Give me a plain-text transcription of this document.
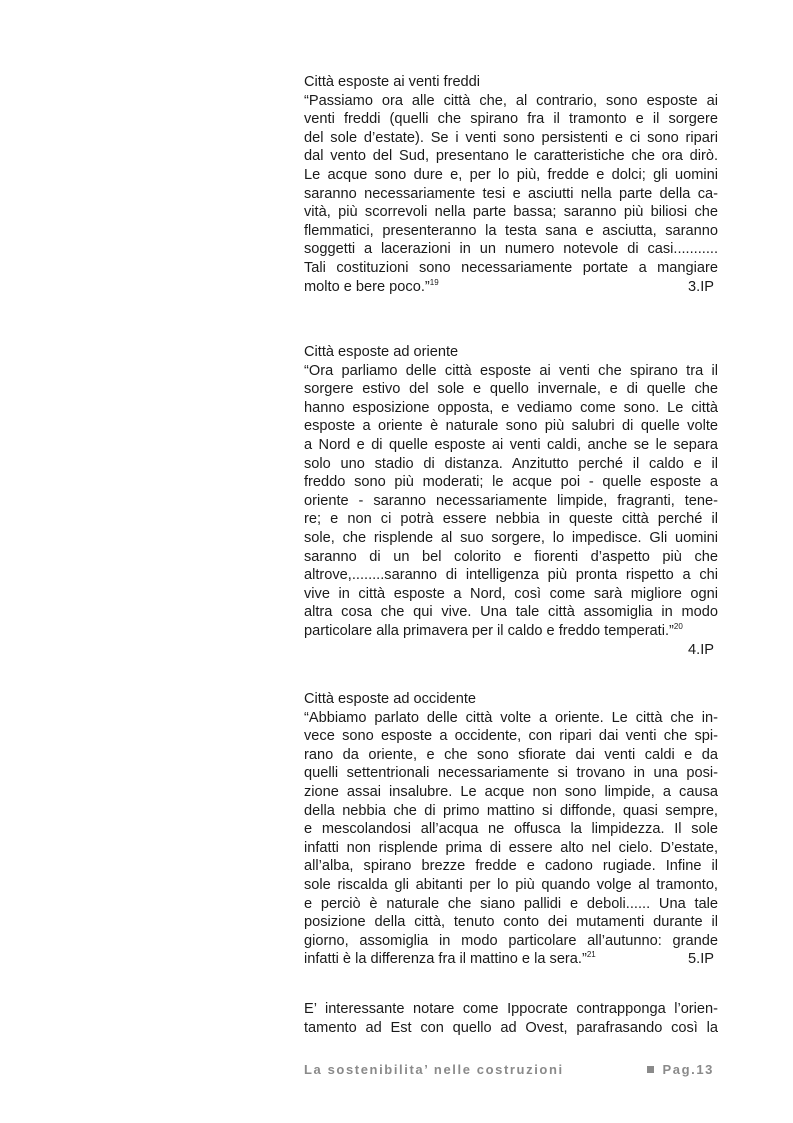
Città esposte ai venti freddi
“Passiamo ora alle città che, al contrario, sono esposte ai
venti freddi (quelli che spirano fra il tramonto e il sorgere
del sole d’estate). Se i venti sono persistenti e ci sono ripari
dal vento del Sud, presentano le caratteristiche che ora dirò.
Le acque sono dure e, per lo più, fredde e dolci; gli uomini
saranno necessariamente tesi e asciutti nella parte della ca-
vità, più scorrevoli nella parte bassa; saranno più biliosi che
flemmatici, presenteranno la testa sana e asciutta, saranno
soggetti a lacerazioni in un numero notevole di casi...........
Tali costituzioni sono necessariamente portate a mangiare
molto e bere poco.”$^{19}$	3.IP
Città esposte ad oriente
“Ora parliamo delle città esposte ai venti che spirano tra il
sorgere estivo del sole e quello invernale, e di quelle che
hanno esposizione opposta, e vediamo come sono. Le città
esposte a oriente è naturale sono più salubri di quelle volte
a Nord e di quelle esposte ai venti caldi, anche se le separa
solo uno stadio di distanza. Anzitutto perché il caldo e il
freddo sono più moderati; le acque poi - quelle esposte a
oriente - saranno necessariamente limpide, fragranti, tene-
re; e non ci potrà essere nebbia in queste città perché il
sole, che risplende al suo sorgere, lo impedisce. Gli uomini
saranno di un bel colorito e fiorenti d’aspetto più che
altrove,........saranno di intelligenza più pronta rispetto a chi
vive in città esposte a Nord, così come sarà migliore ogni
altra cosa che qui vive. Una tale città assomiglia in modo
particolare alla primavera per il caldo e freddo temperati.”$^{20}$
4.IP
Città esposte ad occidente
“Abbiamo parlato delle città volte a oriente. Le città che in-
vece sono esposte a occidente, con ripari dai venti che spi-
rano da oriente, e che sono sfiorate dai venti caldi e da
quelli settentrionali necessariamente si trovano in una posi-
zione assai insalubre. Le acque non sono limpide, a causa
della nebbia che di primo mattino si diffonde, quasi sempre,
e mescolandosi all’acqua ne offusca la limpidezza. Il sole
infatti non risplende prima di essere alto nel cielo. D’estate,
all’alba, spirano brezze fredde e cadono rugiade. Infine il
sole riscalda gli abitanti per lo più quando volge al tramonto,
e perciò è naturale che siano pallidi e deboli...... Una tale
posizione della città, tenuto conto dei mutamenti durante il
giorno, assomiglia in modo particolare all’autunno: grande
infatti è la differenza fra il mattino e la sera.”$^{21}$	5.IP
E’ interessante notare come Ippocrate contrapponga l’orien-
tamento ad Est con quello ad Ovest, parafrasando così la
La sostenibilita’ nelle costruzioni	Pag.13
